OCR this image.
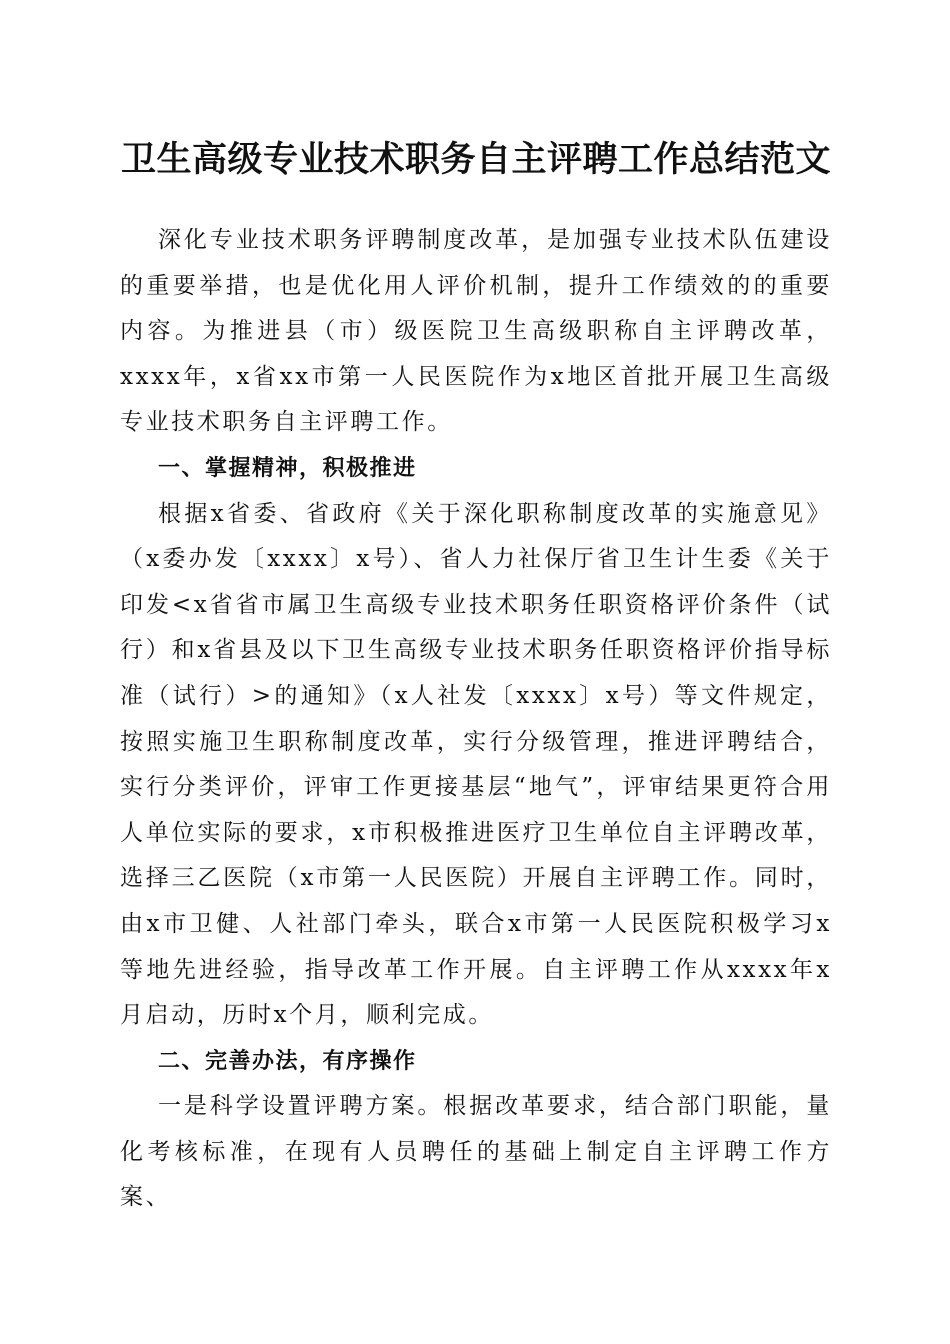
卫生高级专业技术职务自主评聘工作总结范文

深化专业技术职务评聘制度改革，是加强专业技术队伍建设的重要举措，也是优化用人评价机制，提升工作绩效的的重要内容。为推进县（市）级医院卫生高级职称自主评聘改革，xxxx年，x省xx市第一人民医院作为x地区首批开展卫生高级专业技术职务自主评聘工作。

一、掌握精神，积极推进

根据x省委、省政府《关于深化职称制度改革的实施意见》（x委办发〔xxxx〕x号）、省人力社保厅省卫生计生委《关于印发<x省省市属卫生高级专业技术职务任职资格评价条件（试行）和x省县及以下卫生高级专业技术职务任职资格评价指导标准（试行）>的通知》（x人社发〔xxxx〕x号）等文件规定，按照实施卫生职称制度改革，实行分级管理，推进评聘结合，实行分类评价，评审工作更接基层“地气”，评审结果更符合用人单位实际的要求，x市积极推进医疗卫生单位自主评聘改革，选择三乙医院（x市第一人民医院）开展自主评聘工作。同时，由x市卫健、人社部门牵头，联合x市第一人民医院积极学习x等地先进经验，指导改革工作开展。自主评聘工作从xxxx年x月启动，历时x个月，顺利完成。

二、完善办法，有序操作

一是科学设置评聘方案。根据改革要求，结合部门职能，量化考核标准，在现有人员聘任的基础上制定自主评聘工作方案、
